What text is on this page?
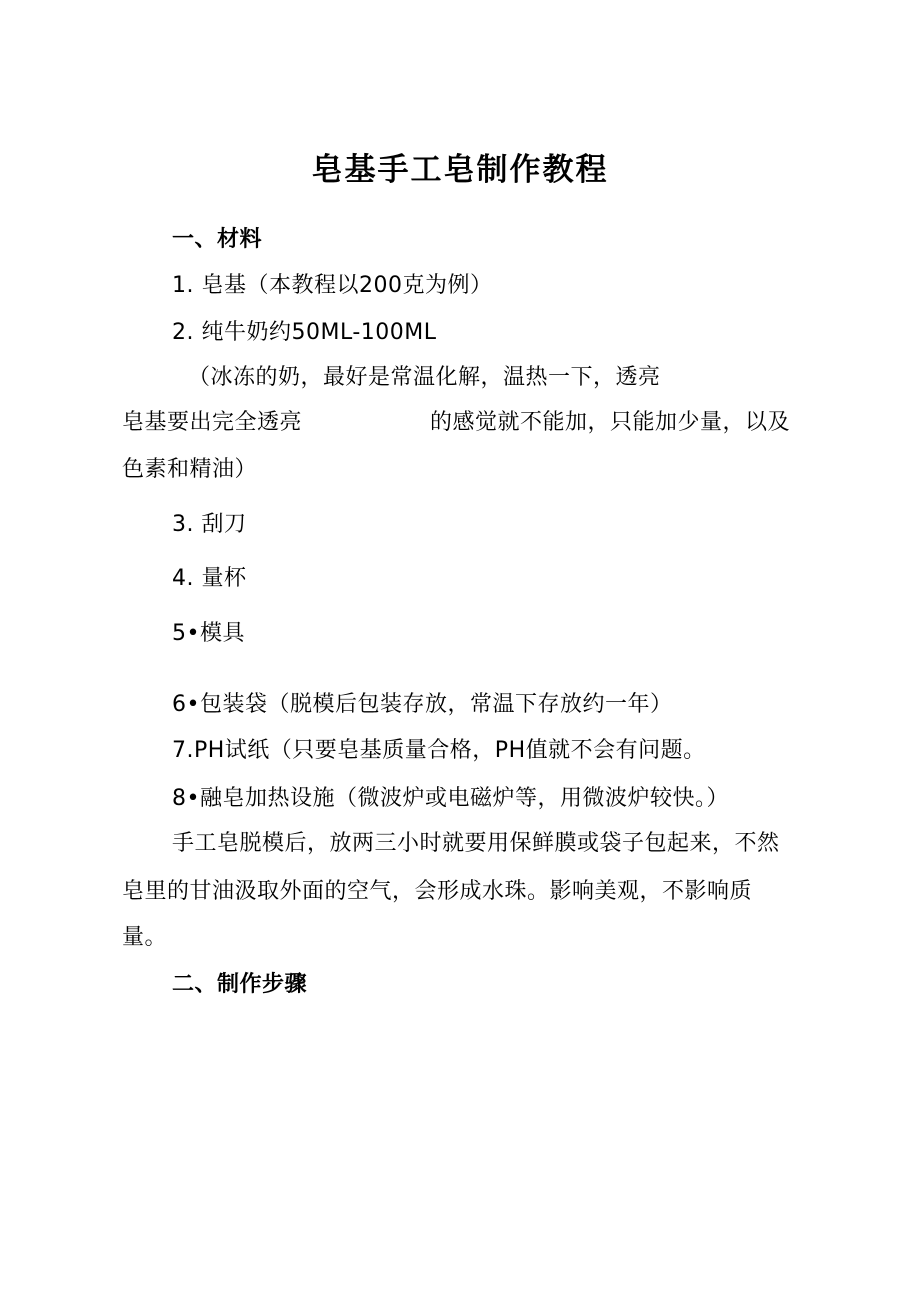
皂基手工皂制作教程
一、材料
1. 皂基（本教程以200克为例）
2. 纯牛奶约50ML-100ML
（冰冻的奶，最好是常温化解，温热一下，透亮
皂基要出完全透亮	的感觉就不能加，只能加少量，以及
色素和精油）
3. 刮刀
4. 量杯
5•模具
6•包装袋（脱模后包装存放，常温下存放约一年）
7.PH试纸（只要皂基质量合格，PH值就不会有问题。
8•融皂加热设施（微波炉或电磁炉等，用微波炉较快。）
手工皂脱模后，放两三小时就要用保鲜膜或袋子包起来，不然
皂里的甘油汲取外面的空气，会形成水珠。影响美观，不影响质
量。
二、制作步骤
